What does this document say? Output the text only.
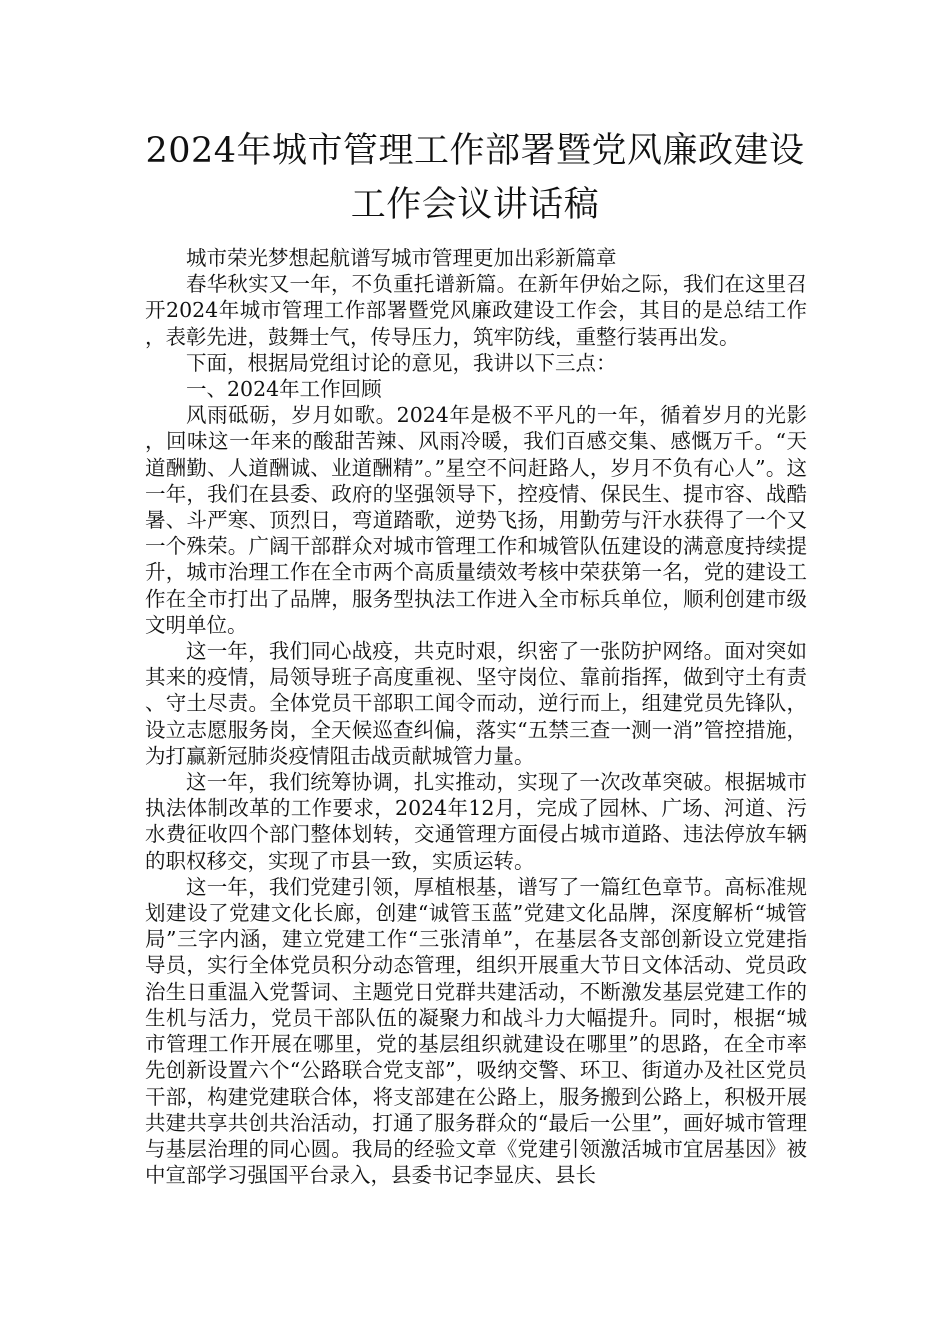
2024年城市管理工作部署暨党风廉政建设
工作会议讲话稿

城市荣光梦想起航谱写城市管理更加出彩新篇章

春华秋实又一年，不负重托谱新篇。在新年伊始之际，我们在这里召开2024年城市管理工作部署暨党风廉政建设工作会，其目的是总结工作，表彰先进，鼓舞士气，传导压力，筑牢防线，重整行装再出发。

下面，根据局党组讨论的意见，我讲以下三点：

一、2024年工作回顾

风雨砥砺，岁月如歌。2024年是极不平凡的一年，循着岁月的光影，回味这一年来的酸甜苦辣、风雨冷暖，我们百感交集、感慨万千。“天道酬勤、人道酬诚、业道酬精”。”星空不问赶路人，岁月不负有心人”。这一年，我们在县委、政府的坚强领导下，控疫情、保民生、提市容、战酷暑、斗严寒、顶烈日，弯道踏歌，逆势飞扬，用勤劳与汗水获得了一个又一个殊荣。广阔干部群众对城市管理工作和城管队伍建设的满意度持续提升，城市治理工作在全市两个高质量绩效考核中荣获第一名，党的建设工作在全市打出了品牌，服务型执法工作进入全市标兵单位，顺利创建市级文明单位。

这一年，我们同心战疫，共克时艰，织密了一张防护网络。面对突如其来的疫情，局领导班子高度重视、坚守岗位、靠前指挥，做到守土有责、守土尽责。全体党员干部职工闻令而动，逆行而上，组建党员先锋队，设立志愿服务岗，全天候巡查纠偏，落实“五禁三查一测一消”管控措施，为打赢新冠肺炎疫情阻击战贡献城管力量。

这一年，我们统筹协调，扎实推动，实现了一次改革突破。根据城市执法体制改革的工作要求，2024年12月，完成了园林、广场、河道、污水费征收四个部门整体划转，交通管理方面侵占城市道路、违法停放车辆的职权移交，实现了市县一致，实质运转。

这一年，我们党建引领，厚植根基，谱写了一篇红色章节。高标准规划建设了党建文化长廊，创建“诚管玉蓝”党建文化品牌，深度解析“城管局”三字内涵，建立党建工作“三张清单”，在基层各支部创新设立党建指导员，实行全体党员积分动态管理，组织开展重大节日文体活动、党员政治生日重温入党誓词、主题党日党群共建活动，不断激发基层党建工作的生机与活力，党员干部队伍的凝聚力和战斗力大幅提升。同时，根据“城市管理工作开展在哪里，党的基层组织就建设在哪里”的思路，在全市率先创新设置六个“公路联合党支部”，吸纳交警、环卫、街道办及社区党员干部，构建党建联合体，将支部建在公路上，服务搬到公路上，积极开展共建共享共创共治活动，打通了服务群众的“最后一公里”，画好城市管理与基层治理的同心圆。我局的经验文章《党建引领激活城市宜居基因》被中宣部学习强国平台录入，县委书记李显庆、县长
